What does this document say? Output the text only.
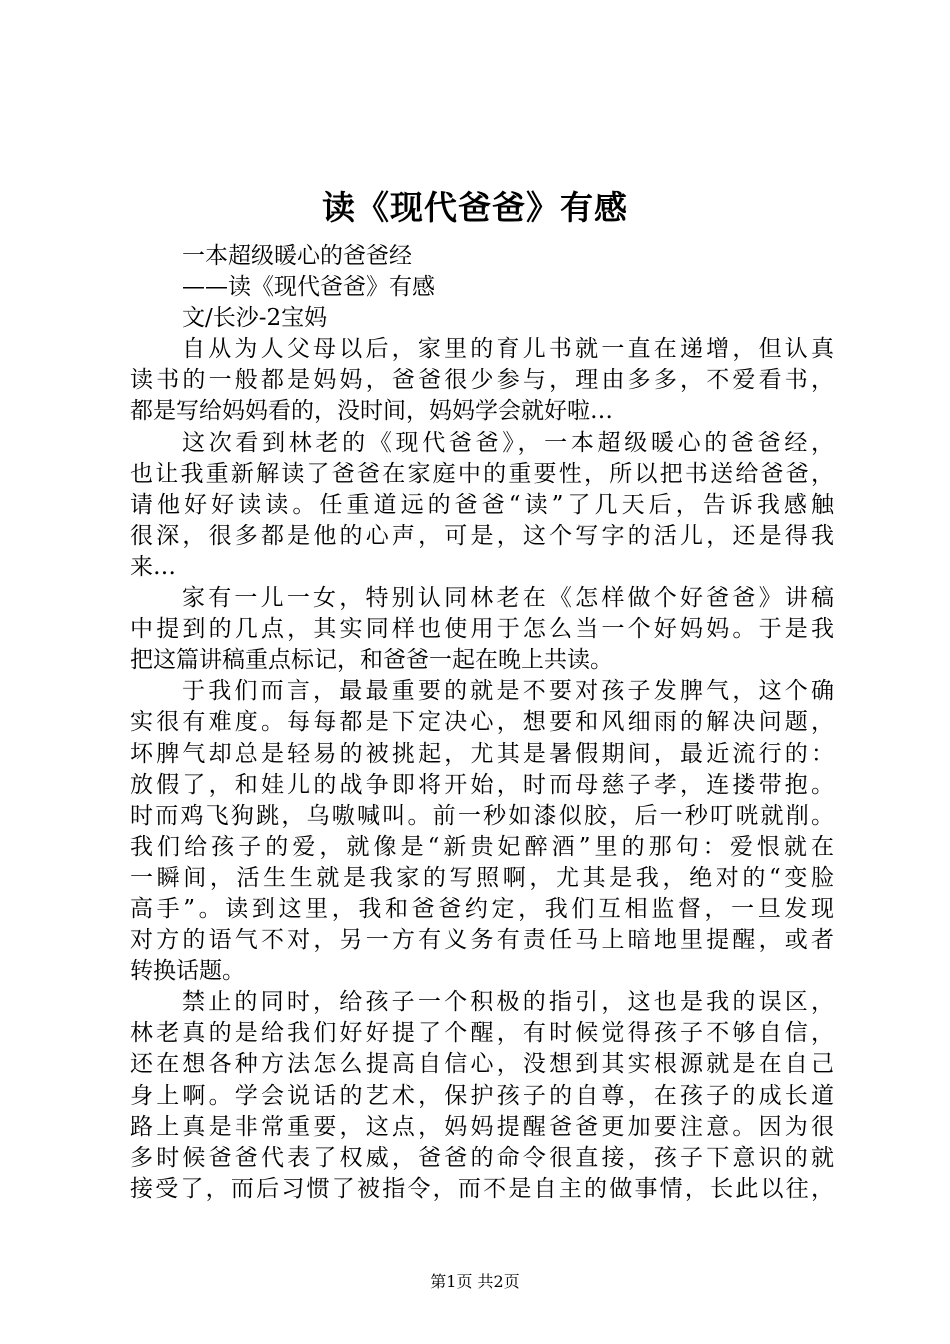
读《现代爸爸》有感
一本超级暖心的爸爸经
——读《现代爸爸》有感
文/长沙-2宝妈
自从为人父母以后，家里的育儿书就一直在递增，但认真
读书的一般都是妈妈，爸爸很少参与，理由多多，不爱看书，
都是写给妈妈看的，没时间，妈妈学会就好啦…
这次看到林老的《现代爸爸》，一本超级暖心的爸爸经，
也让我重新解读了爸爸在家庭中的重要性，所以把书送给爸爸，
请他好好读读。任重道远的爸爸“读”了几天后，告诉我感触
很深，很多都是他的心声，可是，这个写字的活儿，还是得我
来…
家有一儿一女，特别认同林老在《怎样做个好爸爸》讲稿
中提到的几点，其实同样也使用于怎么当一个好妈妈。于是我
把这篇讲稿重点标记，和爸爸一起在晚上共读。
于我们而言，最最重要的就是不要对孩子发脾气，这个确
实很有难度。每每都是下定决心，想要和风细雨的解决问题，
坏脾气却总是轻易的被挑起，尤其是暑假期间，最近流行的：
放假了，和娃儿的战争即将开始，时而母慈子孝，连搂带抱。
时而鸡飞狗跳，乌嗷喊叫。前一秒如漆似胶，后一秒叮咣就削。
我们给孩子的爱，就像是“新贵妃醉酒”里的那句：爱恨就在
一瞬间，活生生就是我家的写照啊，尤其是我，绝对的“变脸
高手”。读到这里，我和爸爸约定，我们互相监督，一旦发现
对方的语气不对，另一方有义务有责任马上暗地里提醒，或者
转换话题。
禁止的同时，给孩子一个积极的指引，这也是我的误区，
林老真的是给我们好好提了个醒，有时候觉得孩子不够自信，
还在想各种方法怎么提高自信心，没想到其实根源就是在自己
身上啊。学会说话的艺术，保护孩子的自尊，在孩子的成长道
路上真是非常重要，这点，妈妈提醒爸爸更加要注意。因为很
多时候爸爸代表了权威，爸爸的命令很直接，孩子下意识的就
接受了，而后习惯了被指令，而不是自主的做事情，长此以往，
第1页 共2页
